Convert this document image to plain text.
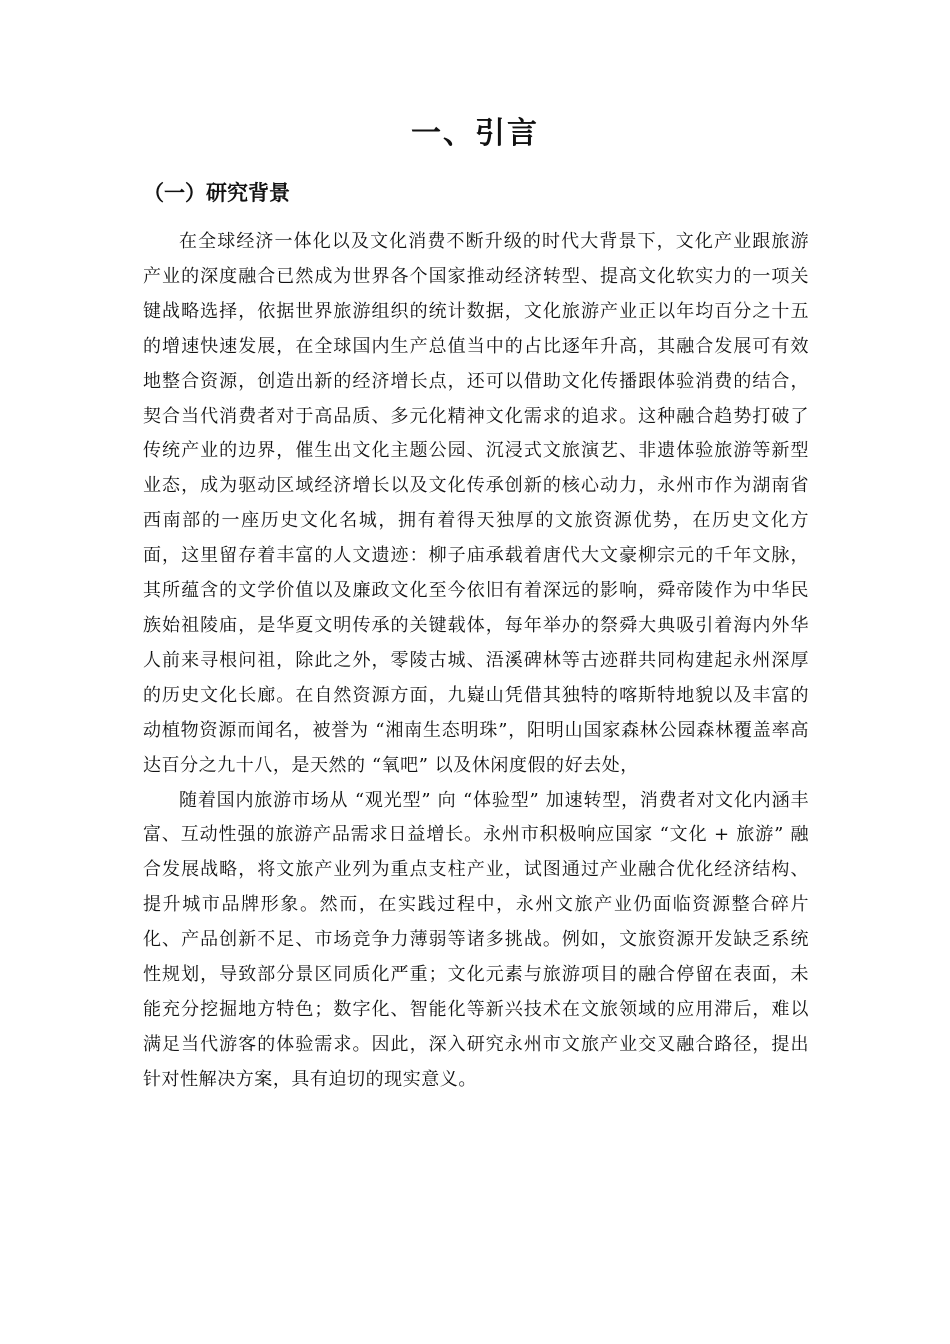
一、引言
（一）研究背景

在全球经济一体化以及文化消费不断升级的时代大背景下，文化产业跟旅游产业的深度融合已然成为世界各个国家推动经济转型、提高文化软实力的一项关键战略选择，依据世界旅游组织的统计数据，文化旅游产业正以年均百分之十五的增速快速发展，在全球国内生产总值当中的占比逐年升高，其融合发展可有效地整合资源，创造出新的经济增长点，还可以借助文化传播跟体验消费的结合，契合当代消费者对于高品质、多元化精神文化需求的追求。这种融合趋势打破了传统产业的边界，催生出文化主题公园、沉浸式文旅演艺、非遗体验旅游等新型业态，成为驱动区域经济增长以及文化传承创新的核心动力，永州市作为湖南省西南部的一座历史文化名城，拥有着得天独厚的文旅资源优势，在历史文化方面，这里留存着丰富的人文遗迹：柳子庙承载着唐代大文豪柳宗元的千年文脉，其所蕴含的文学价值以及廉政文化至今依旧有着深远的影响，舜帝陵作为中华民族始祖陵庙，是华夏文明传承的关键载体，每年举办的祭舜大典吸引着海内外华人前来寻根问祖，除此之外，零陵古城、浯溪碑林等古迹群共同构建起永州深厚的历史文化长廊。在自然资源方面，九嶷山凭借其独特的喀斯特地貌以及丰富的动植物资源而闻名，被誉为 “湘南生态明珠”，阳明山国家森林公园森林覆盖率高达百分之九十八，是天然的 “氧吧” 以及休闲度假的好去处，

随着国内旅游市场从 “观光型” 向 “体验型” 加速转型，消费者对文化内涵丰富、互动性强的旅游产品需求日益增长。永州市积极响应国家 “文化 + 旅游” 融合发展战略，将文旅产业列为重点支柱产业，试图通过产业融合优化经济结构、提升城市品牌形象。然而，在实践过程中，永州文旅产业仍面临资源整合碎片化、产品创新不足、市场竞争力薄弱等诸多挑战。例如，文旅资源开发缺乏系统性规划，导致部分景区同质化严重；文化元素与旅游项目的融合停留在表面，未能充分挖掘地方特色；数字化、智能化等新兴技术在文旅领域的应用滞后，难以满足当代游客的体验需求。因此，深入研究永州市文旅产业交叉融合路径，提出针对性解决方案，具有迫切的现实意义。
